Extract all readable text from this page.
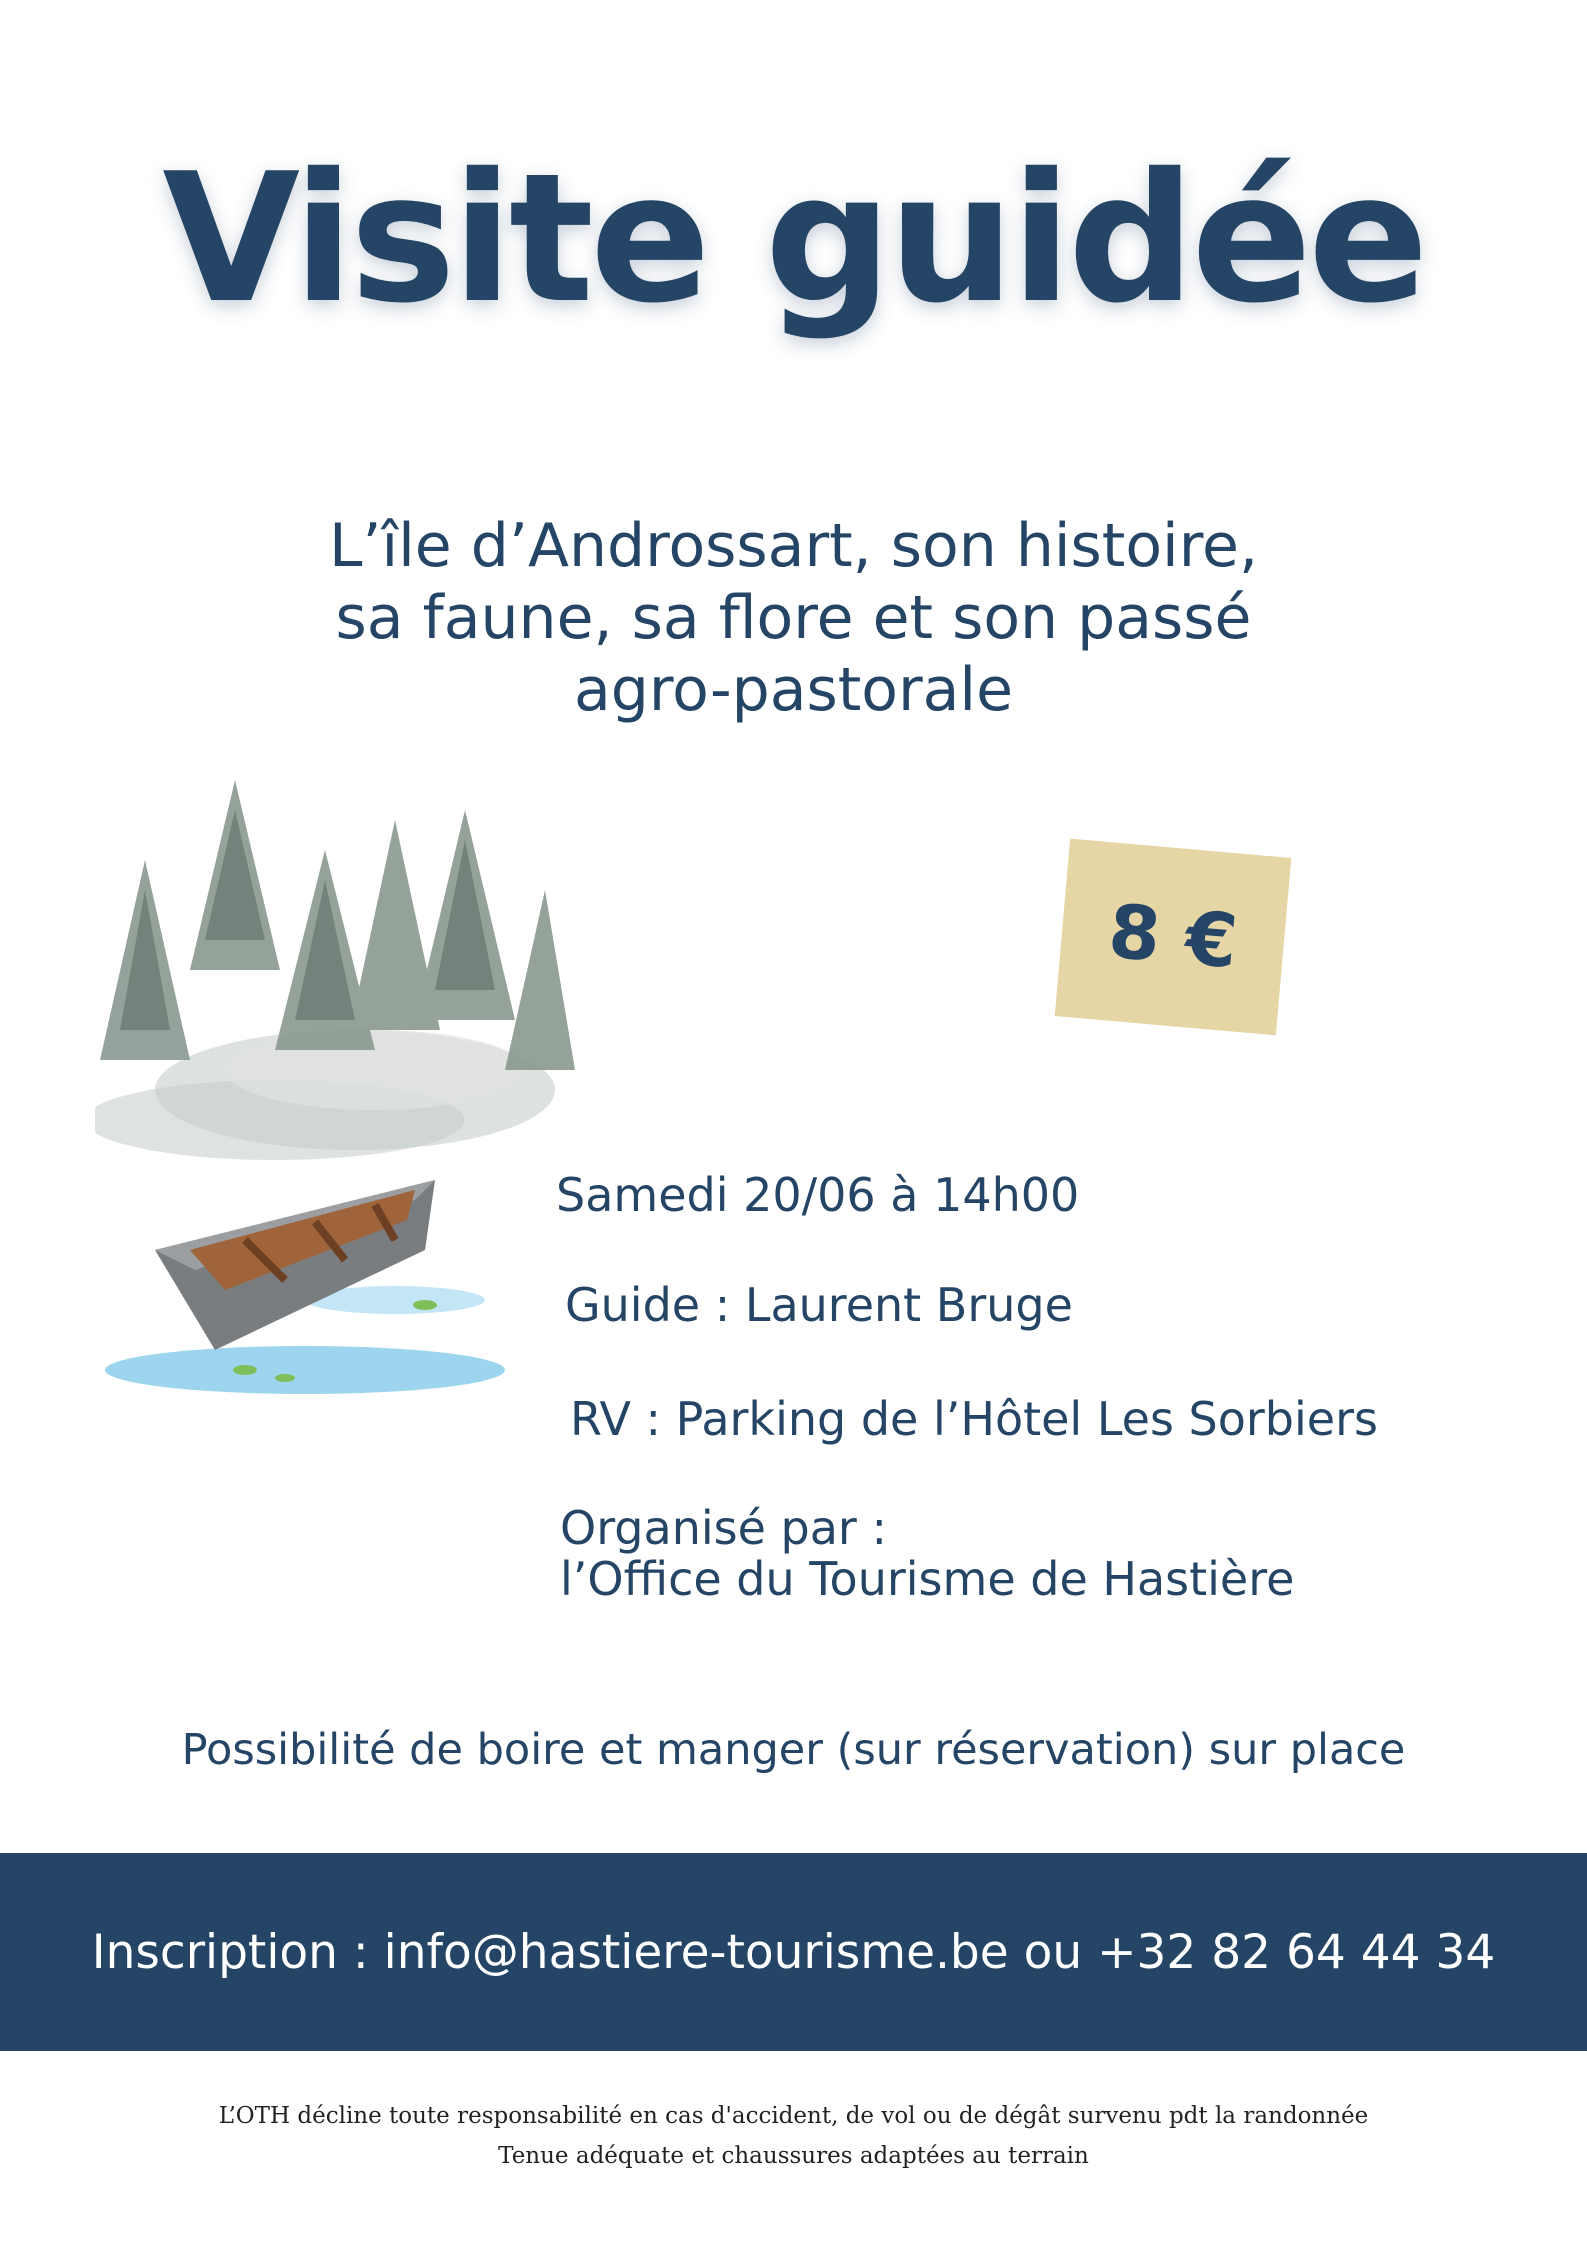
Visite guidée
L’île d’Androssart, son histoire,
sa faune, sa flore et son passé
agro-pastorale
8 €
Samedi 20/06 à 14h00
Guide : Laurent Bruge
RV : Parking de l’Hôtel Les Sorbiers
Organisé par :
l’Office du Tourisme de Hastière
Possibilité de boire et manger (sur réservation) sur place
Inscription : info@hastiere-tourisme.be ou +32 82 64 44 34
L’OTH décline toute responsabilité en cas d'accident, de vol ou de dégât survenu pdt la randonnée
Tenue adéquate et chaussures adaptées au terrain
